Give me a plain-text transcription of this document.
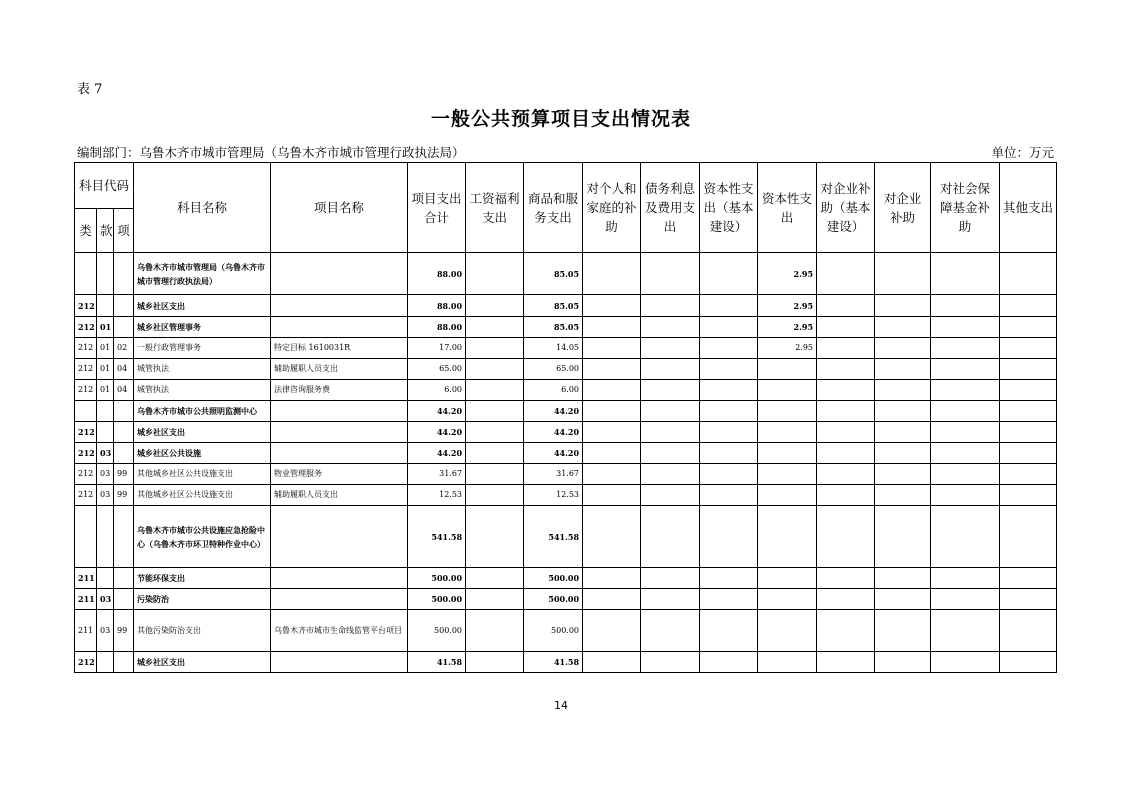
表 7
一般公共预算项目支出情况表
编制部门：乌鲁木齐市城市管理局（乌鲁木齐市城市管理行政执法局）	单位：万元
科目代码			科目名称	项目名称	项目支出合计	工资福利支出	商品和服务支出	对个人和家庭的补助	债务利息及费用支出	资本性支出（基本建设）	资本性支出	对企业补助（基本建设）	对企业补助	对社会保障基金补助	其他支出
类	款	项													
			乌鲁木齐市城市管理局（乌鲁木齐市城市管理行政执法局）		88.00		85.05				2.95				
212			城乡社区支出		88.00		85.05				2.95				
212	01		城乡社区管理事务		88.00		85.05				2.95				
212	01	02	一般行政管理事务	特定目标 1610031R	17.00		14.05				2.95				
212	01	04	城管执法	辅助履职人员支出	65.00		65.00								
212	01	04	城管执法	法律咨询服务费	6.00		6.00								
			乌鲁木齐市城市公共照明监测中心		44.20		44.20								
212			城乡社区支出		44.20		44.20								
212	03		城乡社区公共设施		44.20		44.20								
212	03	99	其他城乡社区公共设施支出	物业管理服务	31.67		31.67								
212	03	99	其他城乡社区公共设施支出	辅助履职人员支出	12.53		12.53								
			乌鲁木齐市城市公共设施应急抢险中心（乌鲁木齐市环卫特种作业中心）		541.58		541.58								
211			节能环保支出		500.00		500.00								
211	03		污染防治		500.00		500.00								
211	03	99	其他污染防治支出	乌鲁木齐市城市生命线监管平台项目	500.00		500.00								
212			城乡社区支出		41.58		41.58								
14
